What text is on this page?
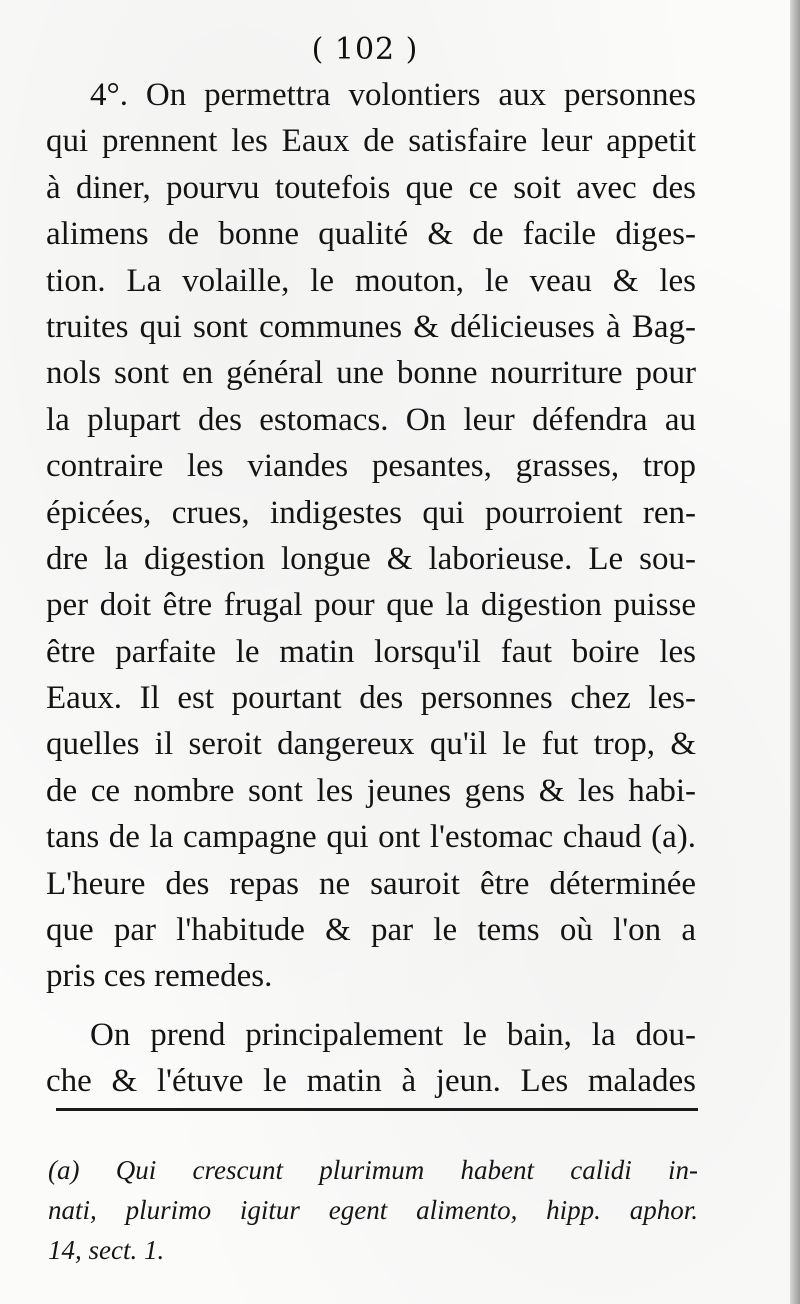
( 102 )
4°. On permettra volontiers aux personnes
qui prennent les Eaux de satisfaire leur appetit
à diner, pourvu toutefois que ce soit avec des
alimens de bonne qualité & de facile diges-
tion. La volaille, le mouton, le veau & les
truites qui sont communes & délicieuses à Bag-
nols sont en général une bonne nourriture pour
la plupart des estomacs. On leur défendra au
contraire les viandes pesantes, grasses, trop
épicées, crues, indigestes qui pourroient ren-
dre la digestion longue & laborieuse. Le sou-
per doit être frugal pour que la digestion puisse
être parfaite le matin lorsqu'il faut boire les
Eaux. Il est pourtant des personnes chez les-
quelles il seroit dangereux qu'il le fut trop, &
de ce nombre sont les jeunes gens & les habi-
tans de la campagne qui ont l'estomac chaud (a).
L'heure des repas ne sauroit être déterminée
que par l'habitude & par le tems où l'on a
pris ces remedes.
On prend principalement le bain, la dou-
che & l'étuve le matin à jeun. Les malades
(a) Qui crescunt plurimum habent calidi in-
nati, plurimo igitur egent alimento, hipp. aphor.
14, sect. 1.
